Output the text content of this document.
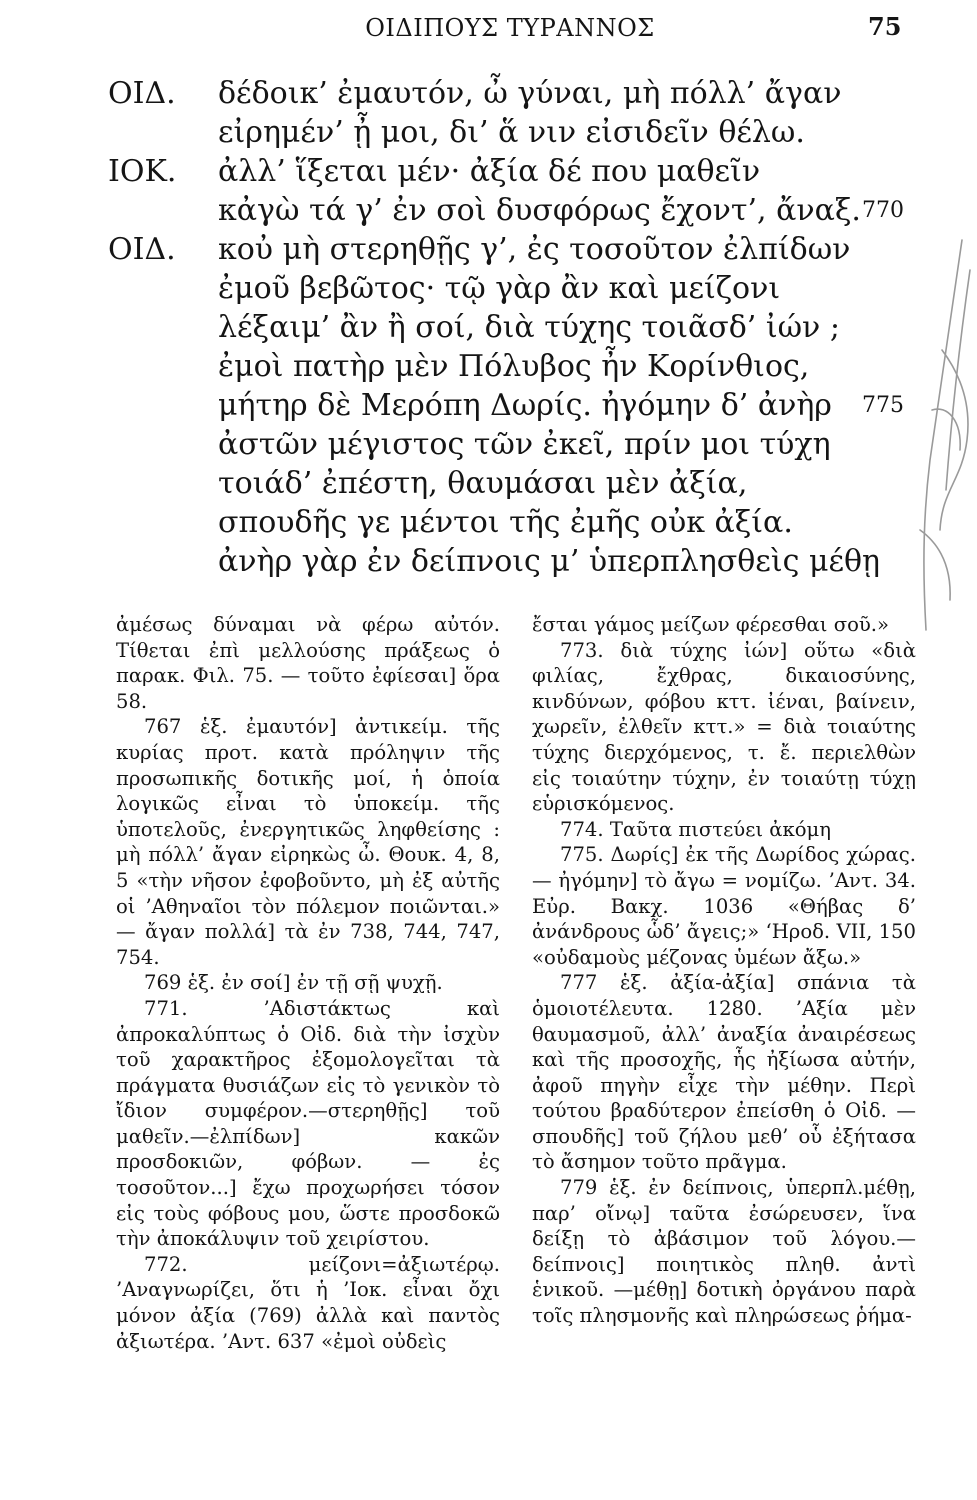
ΟΙΔΙΠΟΥΣ ΤΥΡΑΝΝΟΣ	75
ΟΙΔ. δέδοικ’ ἐμαυτόν, ὦ γύναι, μὴ πόλλ’ ἄγαν
εἰρημέν’ ᾖ μοι, δι’ ἅ νιν εἰσιδεῖν θέλω.
ΙΟΚ. ἀλλ’ ἵξεται μέν· ἀξία δέ που μαθεῖν
κἀγὼ τά γ’ ἐν σοὶ δυσφόρως ἔχοντ’, ἄναξ. 770
ΟΙΔ. κοὐ μὴ στερηθῇς γ’, ἐς τοσοῦτον ἐλπίδων
ἐμοῦ βεβῶτος· τῷ γὰρ ἂν καὶ μείζονι
λέξαιμ’ ἂν ἢ σοί, διὰ τύχης τοιᾶσδ’ ἰών ;
ἐμοὶ πατὴρ μὲν Πόλυβος ἦν Κορίνθιος,
μήτηρ δὲ Μερόπη Δωρίς. ἠγόμην δ’ ἀνὴρ 775
ἀστῶν μέγιστος τῶν ἐκεῖ, πρίν μοι τύχη
τοιάδ’ ἐπέστη, θαυμάσαι μὲν ἀξία,
σπουδῆς γε μέντοι τῆς ἐμῆς οὐκ ἀξία.
ἀνὴρ γὰρ ἐν δείπνοις μ’ ὑπερπλησθεὶς μέθῃ

ἀμέσως δύναμαι νὰ φέρω αὐτόν. Τίθεται ἐπὶ μελλούσης πράξεως ὁ παρακ. Φιλ. 75. — τοῦτο ἐφίεσαι] ὅρα 58.

767 ἑξ. ἐμαυτόν] ἀντικείμ. τῆς κυρίας προτ. κατὰ πρόληψιν τῆς προσωπικῆς δοτικῆς μοί, ἡ ὁποία λογικῶς εἶναι τὸ ὑποκείμ. τῆς ὑποτελοῦς, ἐνεργητικῶς ληφθείσης : μὴ πόλλ’ ἄγαν εἰρηκὼς ὦ. Θουκ. 4, 8, 5 «τὴν νῆσον ἐφοβοῦντο, μὴ ἐξ αὐτῆς οἱ ’Αθηναῖοι τὸν πόλεμον ποιῶνται.» — ἄγαν πολλά] τὰ ἐν 738, 744, 747, 754.

769 ἑξ. ἐν σοί] ἐν τῇ σῇ ψυχῇ.

771. ’Αδιστάκτως καὶ ἀπροκαλύπτως ὁ Οἰδ. διὰ τὴν ἰσχὺν τοῦ χαρακτῆρος ἐξομολογεῖται τὰ πράγματα θυσιάζων εἰς τὸ γενικὸν τὸ ἴδιον συμφέρον.—στερηθῇς] τοῦ μαθεῖν.—ἐλπίδων] κακῶν προσδοκιῶν, φόβων. — ἐς τοσοῦτον...] ἔχω προχωρήσει τόσον εἰς τοὺς φόβους μου, ὥστε προσδοκῶ τὴν ἀποκάλυψιν τοῦ χειρίστου.

772. μείζονι=ἀξιωτέρῳ. ’Αναγνωρίζει, ὅτι ἡ ’Ιοκ. εἶναι ὄχι μόνον ἀξία (769) ἀλλὰ καὶ παντὸς ἀξιωτέρα. ’Αντ. 637 «ἐμοὶ οὐδεὶς

ἔσται γάμος μείζων φέρεσθαι σοῦ.»

773. διὰ τύχης ἰών] οὕτω «διὰ φιλίας, ἔχθρας, δικαιοσύνης, κινδύνων, φόβου κττ. ἰέναι, βαίνειν, χωρεῖν, ἐλθεῖν κττ.» = διὰ τοιαύτης τύχης διερχόμενος, τ. ἔ. περιελθὼν εἰς τοιαύτην τύχην, ἐν τοιαύτῃ τύχῃ εὑρισκόμενος.

774. Ταῦτα πιστεύει ἀκόμη

775. Δωρίς] ἐκ τῆς Δωρίδος χώρας. — ἠγόμην] τὸ ἄγω = νομίζω. ’Αντ. 34. Εὐρ. Βακχ. 1036 «Θήβας δ’ ἀνάνδρους ὧδ’ ἄγεις;» ‘Ηροδ. VII, 150 «οὐδαμοὺς μέζονας ὑμέων ἄξω.»

777 ἑξ. ἀξία-ἀξία] σπάνια τὰ ὁμοιοτέλευτα. 1280. ’Αξία μὲν θαυμασμοῦ, ἀλλ’ ἀναξία ἀναιρέσεως καὶ τῆς προσοχῆς, ἧς ἠξίωσα αὐτήν, ἀφοῦ πηγὴν εἶχε τὴν μέθην. Περὶ τούτου βραδύτερον ἐπείσθη ὁ Οἰδ. —σπουδῆς] τοῦ ζήλου μεθ’ οὗ ἐξήτασα τὸ ἄσημον τοῦτο πρᾶγμα.

779 ἑξ. ἐν δείπνοις, ὑπερπλ.μέθῃ, παρ’ οἴνῳ] ταῦτα ἐσώρευσεν, ἵνα δείξῃ τὸ ἀβάσιμον τοῦ λόγου.—δείπνοις] ποιητικὸς πληθ. ἀντὶ ἑνικοῦ. —μέθῃ] δοτικὴ ὀργάνου παρὰ τοῖς πλησμονῆς καὶ πληρώσεως ῥήμα-
